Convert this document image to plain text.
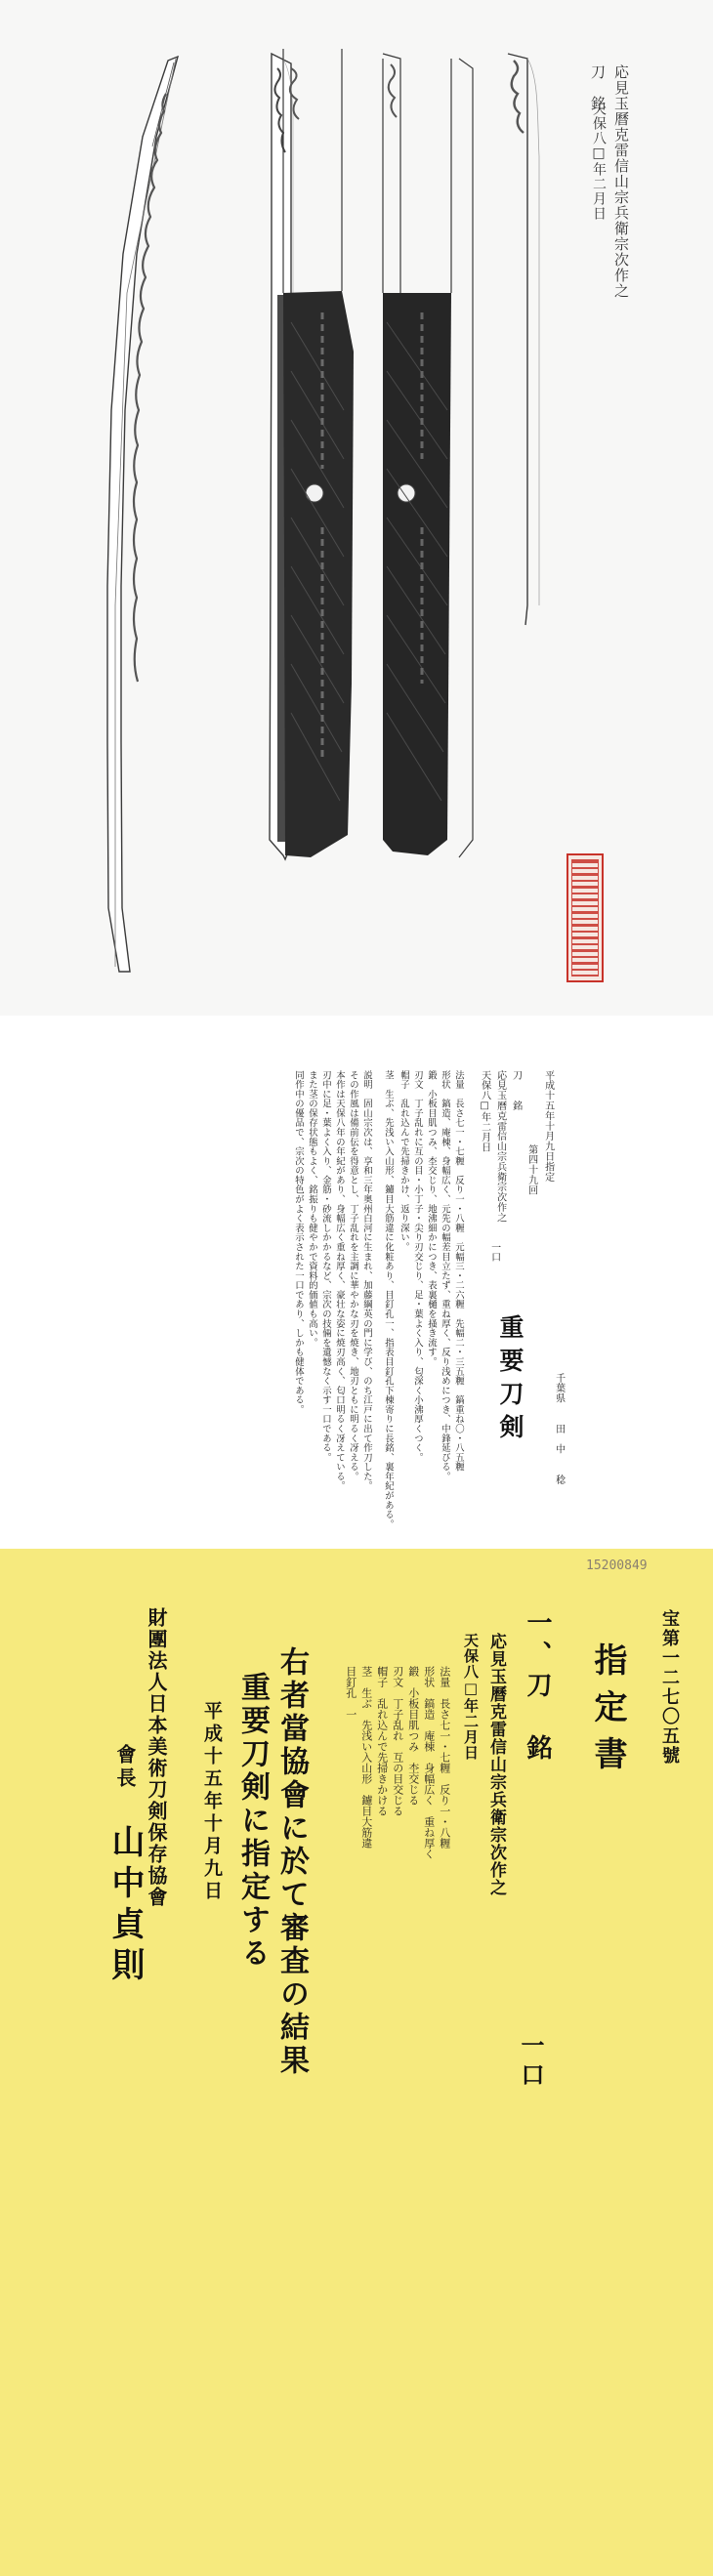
刀　銘 応見玉曆克雷信山宗兵衛宗次作之
天保八□年二月日
平成十五年十月九日指定
第四十九回
刀　　銘
応見玉曆克雷信山宗兵衛宗次作之
天保八□年二月日
一口
重要刀剣	千葉県　　田　中　　稔
法量　長さ七一・七糎　反り一・八糎　元幅三・二六糎　先幅二・三五糎　鎬重ね〇・八五糎
形状　鎬造、庵棟、身幅広く、元先の幅差目立たず、重ね厚く、反り浅めにつき、中鋒延びる。
鍛　小板目肌つみ、杢交じり、地沸細かにつき、表裏樋を掻き流す。
刃文　丁子乱れに互の目・小丁子・尖り刃交じり、足・葉よく入り、匂深く小沸厚くつく。
帽子　乱れ込んで先掃きかけ、返り深い。
茎　生ぶ、先浅い入山形、鑢目大筋違に化粧あり、目釘孔一、指表目釘孔下棟寄りに長銘、裏年紀がある。
説明　固山宗次は、享和三年奥州白河に生まれ、加藤綱英の門に学び、のち江戸に出て作刀した。
その作風は備前伝を得意とし、丁子乱れを主調に華やかな刃を焼き、地刃ともに明るく冴える。
本作は天保八年の年紀があり、身幅広く重ね厚く、豪壮な姿に焼刃高く、匂口明るく冴えている。
刃中に足・葉よく入り、金筋・砂流しかかるなど、宗次の技倆を遺憾なく示す一口である。
また茎の保存状態もよく、銘振りも健やかで資料的価値も高い。
同作中の優品で、宗次の特色がよく表示された一口であり、しかも健体である。
15200849
宝第一二七〇五號
指定書
一、刀　銘
応見玉曆克雷信山宗兵衛宗次作之
天保八□年二月日
一口
法量　長さ七一・七糎　反り一・八糎
形状　鎬造　庵棟　身幅広く　重ね厚く
鍛　小板目肌つみ　杢交じる
刃文　丁子乱れ　互の目交じる
帽子　乱れ込んで先掃きかける
茎　生ぶ　先浅い入山形　鑢目大筋違
目釘孔　一
右者當協會に於て審査の結果
重要刀剣に指定する
平成十五年十月九日
財團法人日本美術刀剣保存協會
會長
山中貞則
